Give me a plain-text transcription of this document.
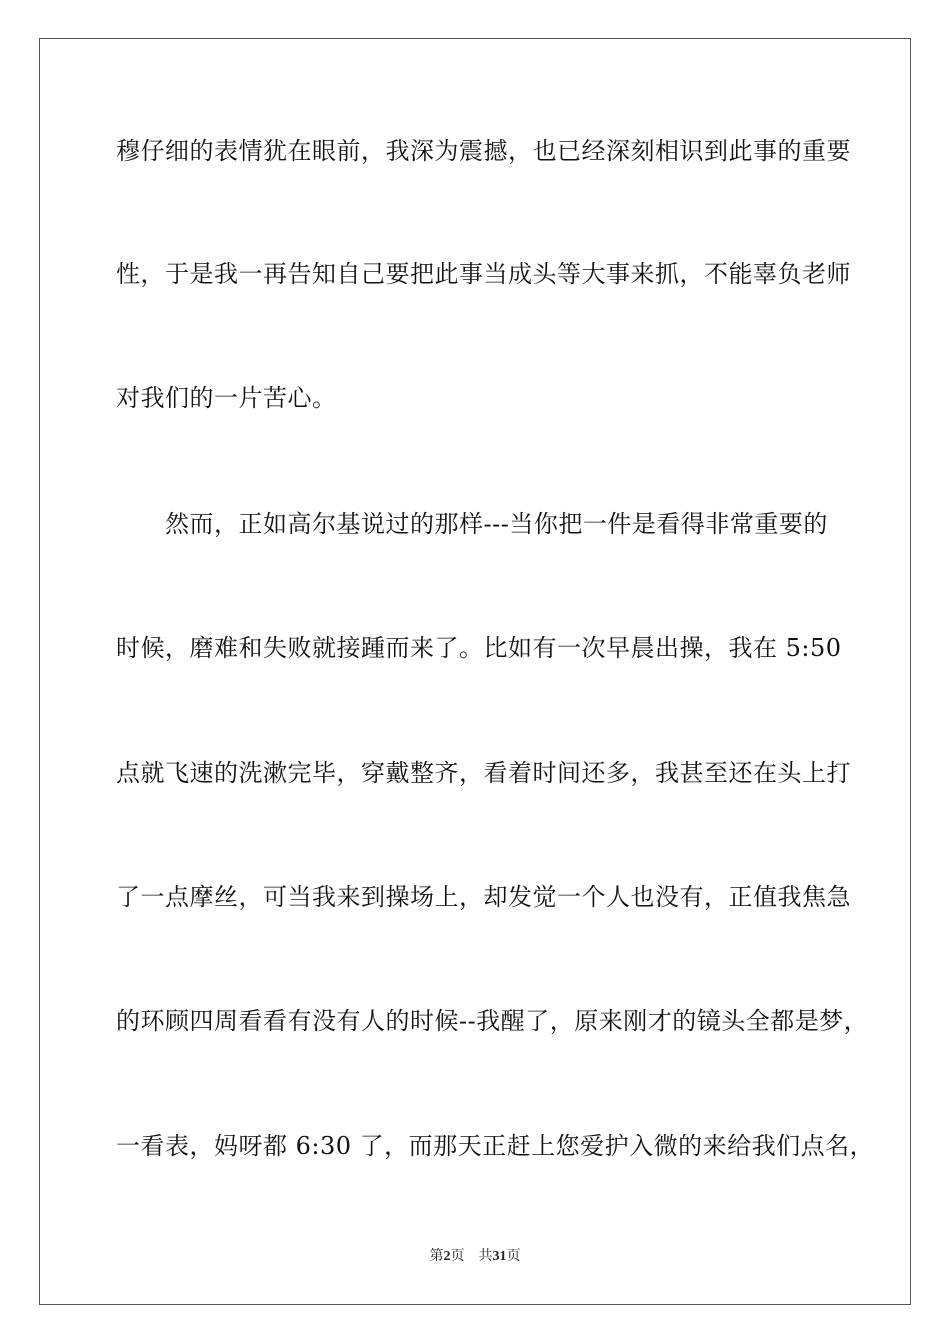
穆仔细的表情犹在眼前，我深为震撼，也已经深刻相识到此事的重要
性，于是我一再告知自己要把此事当成头等大事来抓，不能辜负老师
对我们的一片苦心。
然而，正如高尔基说过的那样---当你把一件是看得非常重要的
时候，磨难和失败就接踵而来了。比如有一次早晨出操，我在 5:50
点就飞速的洗漱完毕，穿戴整齐，看着时间还多，我甚至还在头上打
了一点摩丝，可当我来到操场上，却发觉一个人也没有，正值我焦急
的环顾四周看看有没有人的时候--我醒了，原来刚才的镜头全都是梦，
一看表，妈呀都 6:30 了，而那天正赶上您爱护入微的来给我们点名，
第2页 共31页
